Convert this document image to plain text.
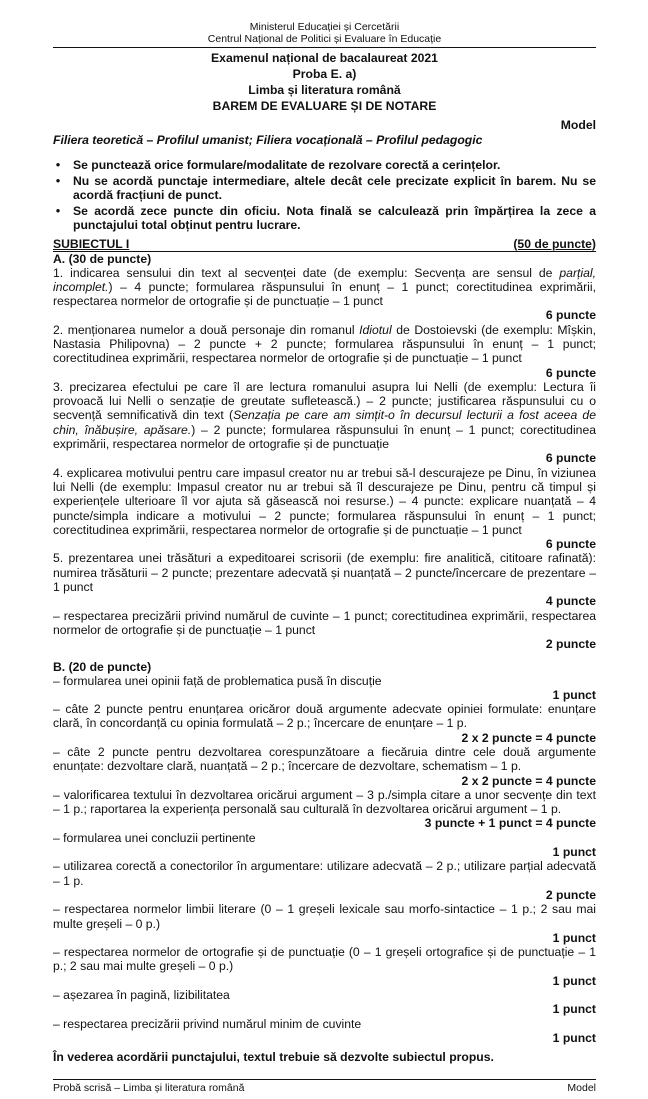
Ministerul Educației și Cercetării
Centrul Național de Politici și Evaluare în Educație
Examenul național de bacalaureat 2021
Proba E. a)
Limba și literatura română
BAREM DE EVALUARE ȘI DE NOTARE
Model
Filiera teoretică – Profilul umanist; Filiera vocațională – Profilul pedagogic
• Se punctează orice formulare/modalitate de rezolvare corectă a cerințelor.
• Nu se acordă punctaje intermediare, altele decât cele precizate explicit în barem. Nu se acordă fracțiuni de punct.
• Se acordă zece puncte din oficiu. Nota finală se calculează prin împărțirea la zece a punctajului total obținut pentru lucrare.
SUBIECTUL I	(50 de puncte)
A. (30 de puncte)
1. indicarea sensului din text al secvenței date (de exemplu: Secvența are sensul de parțial, incomplet.) – 4 puncte; formularea răspunsului în enunț – 1 punct; corectitudinea exprimării, respectarea normelor de ortografie și de punctuație – 1 punct
6 puncte
2. menționarea numelor a două personaje din romanul Idiotul de Dostoievski (de exemplu: Mîșkin, Nastasia Philipovna) – 2 puncte + 2 puncte; formularea răspunsului în enunț – 1 punct; corectitudinea exprimării, respectarea normelor de ortografie și de punctuație – 1 punct
6 puncte
3. precizarea efectului pe care îl are lectura romanului asupra lui Nelli (de exemplu: Lectura îi provoacă lui Nelli o senzație de greutate sufletească.) – 2 puncte; justificarea răspunsului cu o secvență semnificativă din text (Senzația pe care am simțit-o în decursul lecturii a fost aceea de chin, înăbușire, apăsare.) – 2 puncte; formularea răspunsului în enunț – 1 punct; corectitudinea exprimării, respectarea normelor de ortografie și de punctuație
6 puncte
4. explicarea motivului pentru care impasul creator nu ar trebui să-l descurajeze pe Dinu, în viziunea lui Nelli (de exemplu: Impasul creator nu ar trebui să îl descurajeze pe Dinu, pentru că timpul și experiențele ulterioare îl vor ajuta să găsească noi resurse.) – 4 puncte: explicare nuanțată – 4 puncte/simpla indicare a motivului – 2 puncte; formularea răspunsului în enunț – 1 punct; corectitudinea exprimării, respectarea normelor de ortografie și de punctuație – 1 punct
6 puncte
5. prezentarea unei trăsături a expeditoarei scrisorii (de exemplu: fire analitică, cititoare rafinată): numirea trăsăturii – 2 puncte; prezentare adecvată și nuanțată – 2 puncte/încercare de prezentare – 1 punct
4 puncte
– respectarea precizării privind numărul de cuvinte – 1 punct; corectitudinea exprimării, respectarea normelor de ortografie și de punctuație – 1 punct
2 puncte
B. (20 de puncte)
– formularea unei opinii față de problematica pusă în discuție
1 punct
– câte 2 puncte pentru enunțarea oricăror două argumente adecvate opiniei formulate: enunțare clară, în concordanță cu opinia formulată – 2 p.; încercare de enunțare – 1 p.
2 x 2 puncte = 4 puncte
– câte 2 puncte pentru dezvoltarea corespunzătoare a fiecăruia dintre cele două argumente enunțate: dezvoltare clară, nuanțată – 2 p.; încercare de dezvoltare, schematism – 1 p.
2 x 2 puncte = 4 puncte
– valorificarea textului în dezvoltarea oricărui argument – 3 p./simpla citare a unor secvențe din text – 1 p.; raportarea la experiența personală sau culturală în dezvoltarea oricărui argument – 1 p.
3 puncte + 1 punct = 4 puncte
– formularea unei concluzii pertinente
1 punct
– utilizarea corectă a conectorilor în argumentare: utilizare adecvată – 2 p.; utilizare parțial adecvată – 1 p.
2 puncte
– respectarea normelor limbii literare (0 – 1 greșeli lexicale sau morfo-sintactice – 1 p.; 2 sau mai multe greșeli – 0 p.)
1 punct
– respectarea normelor de ortografie și de punctuație (0 – 1 greșeli ortografice și de punctuație – 1 p.; 2 sau mai multe greșeli – 0 p.)
1 punct
– așezarea în pagină, lizibilitatea
1 punct
– respectarea precizării privind numărul minim de cuvinte
1 punct
În vederea acordării punctajului, textul trebuie să dezvolte subiectul propus.
Probă scrisă – Limba și literatura română	Model
